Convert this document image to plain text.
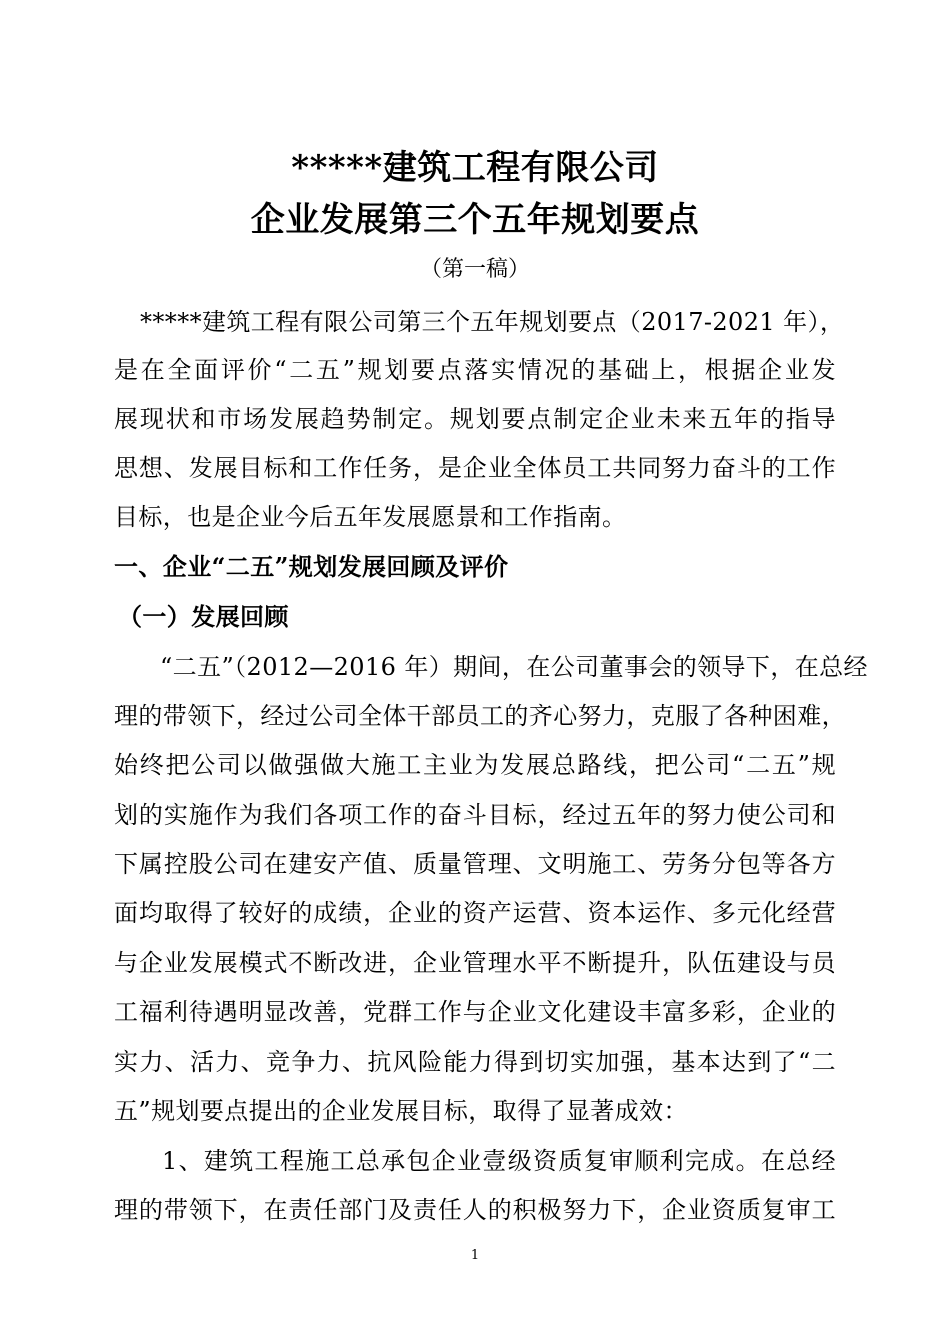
*****建筑工程有限公司
企业发展第三个五年规划要点
（第一稿）
*****建筑工程有限公司第三个五年规划要点（2017-2021 年），
是在全面评价“二五”规划要点落实情况的基础上，根据企业发
展现状和市场发展趋势制定。规划要点制定企业未来五年的指导
思想、发展目标和工作任务，是企业全体员工共同努力奋斗的工作
目标，也是企业今后五年发展愿景和工作指南。
一、企业“二五”规划发展回顾及评价
（一）发展回顾
“二五”（2012—2016 年）期间，在公司董事会的领导下，在总经
理的带领下，经过公司全体干部员工的齐心努力，克服了各种困难，
始终把公司以做强做大施工主业为发展总路线，把公司“二五”规
划的实施作为我们各项工作的奋斗目标，经过五年的努力使公司和
下属控股公司在建安产值、质量管理、文明施工、劳务分包等各方
面均取得了较好的成绩，企业的资产运营、资本运作、多元化经营
与企业发展模式不断改进，企业管理水平不断提升，队伍建设与员
工福利待遇明显改善，党群工作与企业文化建设丰富多彩，企业的
实力、活力、竞争力、抗风险能力得到切实加强，基本达到了“二
五”规划要点提出的企业发展目标，取得了显著成效：
1、建筑工程施工总承包企业壹级资质复审顺利完成。在总经
理的带领下，在责任部门及责任人的积极努力下，企业资质复审工
1
